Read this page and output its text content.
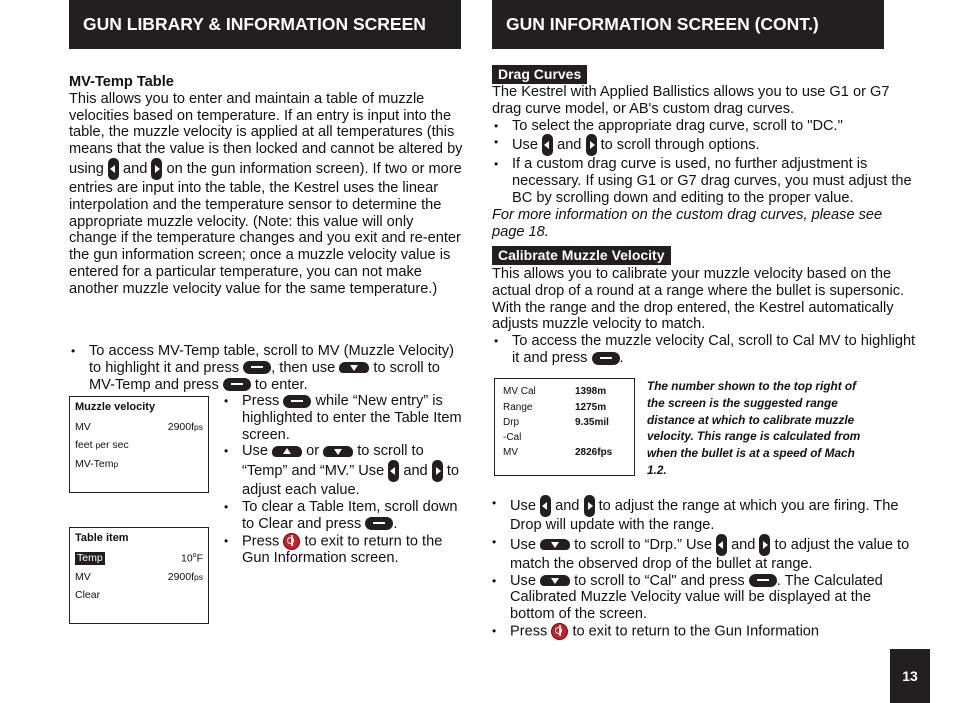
GUN LIBRARY & INFORMATION SCREEN	GUN INFORMATION SCREEN (CONT.)

MV-Temp Table

This allows you to enter and maintain a table of muzzle velocities based on temperature. If an entry is input into the table, the muzzle velocity is applied at all temperatures (this means that the value is then locked and cannot be altered by using and on the gun information screen). If two or more entries are input into the table, the Kestrel uses the linear interpolation and the temperature sensor to determine the appropriate muzzle velocity. (Note: this value will only change if the temperature changes and you exit and re-enter the gun information screen; once a muzzle velocity value is entered for a particular temperature, you can not make another muzzle velocity value for the same temperature.)

• To access MV-Temp table, scroll to MV (Muzzle Velocity) to highlight it and press , then use	to scroll to MV-Temp and press to enter.

Muzzle velocity
MV	2900fps
feet per sec
MV-Temp
Table item
Temp	10$^o$F
MV	2900fps
Clear

• Press while “New entry” is highlighted to enter the Table Item screen.

• Use	or	to scroll to “Temp” and “MV.” Use and to adjust each value.

• To clear a Table Item, scroll down to Clear and press .

• Press to exit to return to the Gun Information screen.

Drag Curves

The Kestrel with Applied Ballistics allows you to use G1 or G7 drag curve model, or AB's custom drag curves.

• To select the appropriate drag curve, scroll to "DC."

• Use and to scroll through options.

• If a custom drag curve is used, no further adjustment is necessary. If using G1 or G7 drag curves, you must adjust the BC by scrolling down and editing to the proper value.

For more information on the custom drag curves, please see page 18.

Calibrate Muzzle Velocity

This allows you to calibrate your muzzle velocity based on the actual drop of a round at a range where the bullet is supersonic. With the range and the drop entered, the Kestrel automatically adjusts muzzle velocity to match.

• To access the muzzle velocity Cal, scroll to Cal MV to highlight it and press .

MV Cal	1398m
Range	1275m
Drp	9.35mil
-Cal
MV	2826fps
The number shown to the top right of the screen is the suggested range distance at which to calibrate muzzle velocity. This range is calculated from when the bullet is at a speed of Mach 1.2.

• Use and to adjust the range at which you are firing. The Drop will update with the range.

• Use	to scroll to “Drp.” Use and to adjust the value to match the observed drop of the bullet at range.

• Use	to scroll to “Cal" and press . The Calculated Calibrated Muzzle Velocity value will be displayed at the bottom of the screen.

• Press to exit to return to the Gun Information

13
